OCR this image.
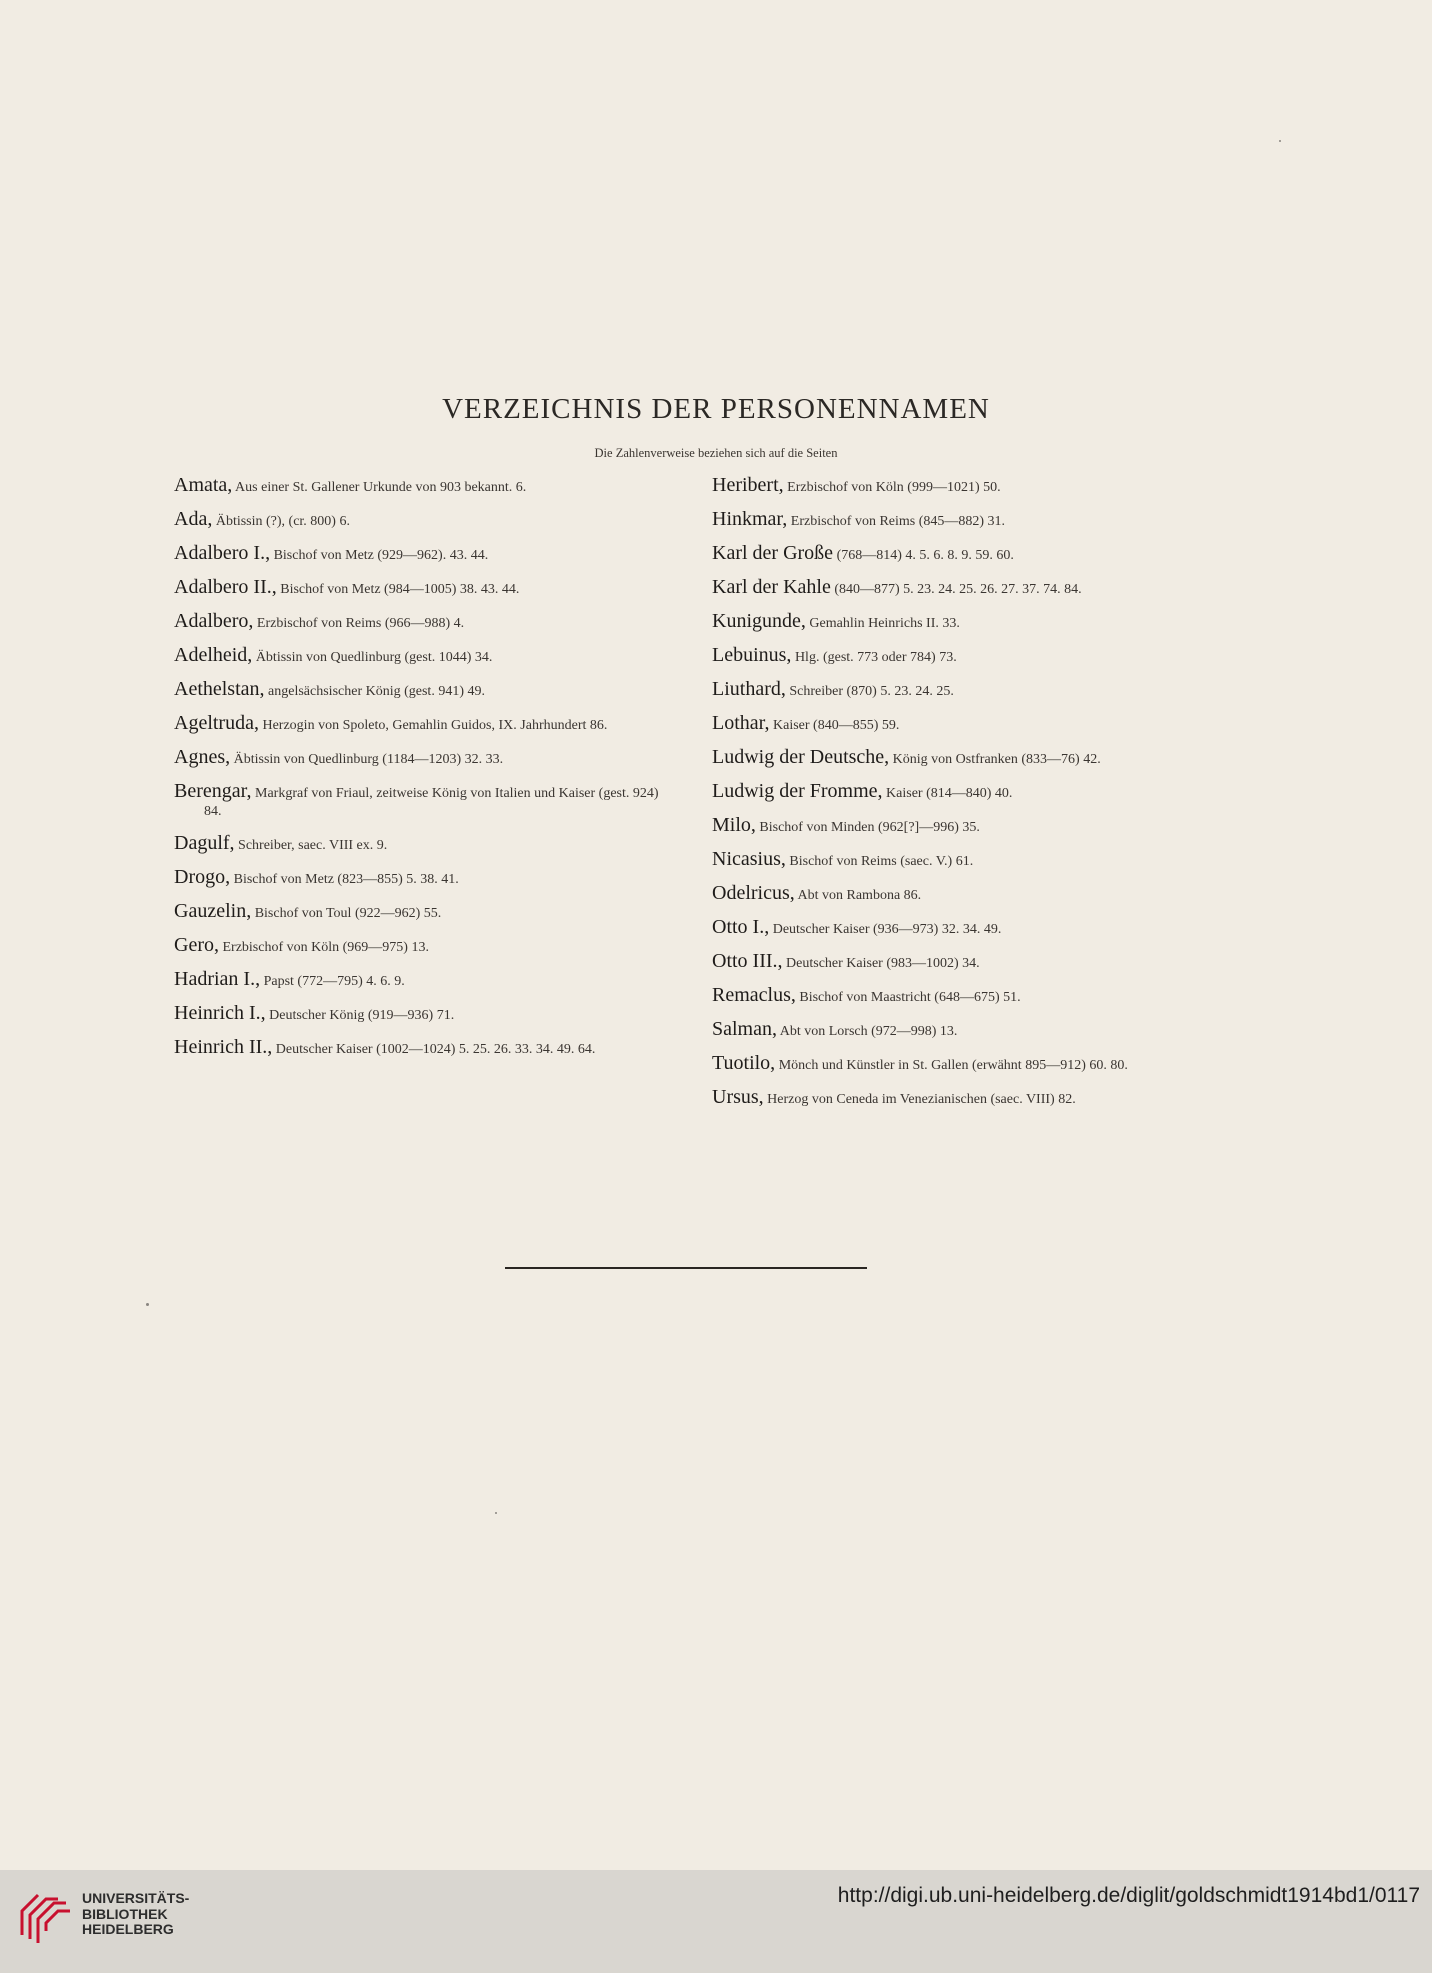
VERZEICHNIS DER PERSONENNAMEN
Die Zahlenverweise beziehen sich auf die Seiten
Amata, Aus einer St. Gallener Urkunde von 903 bekannt. 6.
Ada, Äbtissin (?), (cr. 800) 6.
Adalbero I., Bischof von Metz (929—962). 43. 44.
Adalbero II., Bischof von Metz (984—1005) 38. 43. 44.
Adalbero, Erzbischof von Reims (966—988) 4.
Adelheid, Äbtissin von Quedlinburg (gest. 1044) 34.
Aethelstan, angelsächsischer König (gest. 941) 49.
Ageltruda, Herzogin von Spoleto, Gemahlin Guidos, IX. Jahrhundert 86.
Agnes, Äbtissin von Quedlinburg (1184—1203) 32. 33.
Berengar, Markgraf von Friaul, zeitweise König von Italien und Kaiser (gest. 924) 84.
Dagulf, Schreiber, saec. VIII ex. 9.
Drogo, Bischof von Metz (823—855) 5. 38. 41.
Gauzelin, Bischof von Toul (922—962) 55.
Gero, Erzbischof von Köln (969—975) 13.
Hadrian I., Papst (772—795) 4. 6. 9.
Heinrich I., Deutscher König (919—936) 71.
Heinrich II., Deutscher Kaiser (1002—1024) 5. 25. 26. 33. 34. 49. 64.
Heribert, Erzbischof von Köln (999—1021) 50.
Hinkmar, Erzbischof von Reims (845—882) 31.
Karl der Große (768—814) 4. 5. 6. 8. 9. 59. 60.
Karl der Kahle (840—877) 5. 23. 24. 25. 26. 27. 37. 74. 84.
Kunigunde, Gemahlin Heinrichs II. 33.
Lebuinus, Hlg. (gest. 773 oder 784) 73.
Liuthard, Schreiber (870) 5. 23. 24. 25.
Lothar, Kaiser (840—855) 59.
Ludwig der Deutsche, König von Ostfranken (833—76) 42.
Ludwig der Fromme, Kaiser (814—840) 40.
Milo, Bischof von Minden (962[?]—996) 35.
Nicasius, Bischof von Reims (saec. V.) 61.
Odelricus, Abt von Rambona 86.
Otto I., Deutscher Kaiser (936—973) 32. 34. 49.
Otto III., Deutscher Kaiser (983—1002) 34.
Remaclus, Bischof von Maastricht (648—675) 51.
Salman, Abt von Lorsch (972—998) 13.
Tuotilo, Mönch und Künstler in St. Gallen (erwähnt 895—912) 60. 80.
Ursus, Herzog von Ceneda im Venezianischen (saec. VIII) 82.
UNIVERSITÄTS-
BIBLIOTHEK
HEIDELBERG
http://digi.ub.uni-heidelberg.de/diglit/goldschmidt1914bd1/0117
